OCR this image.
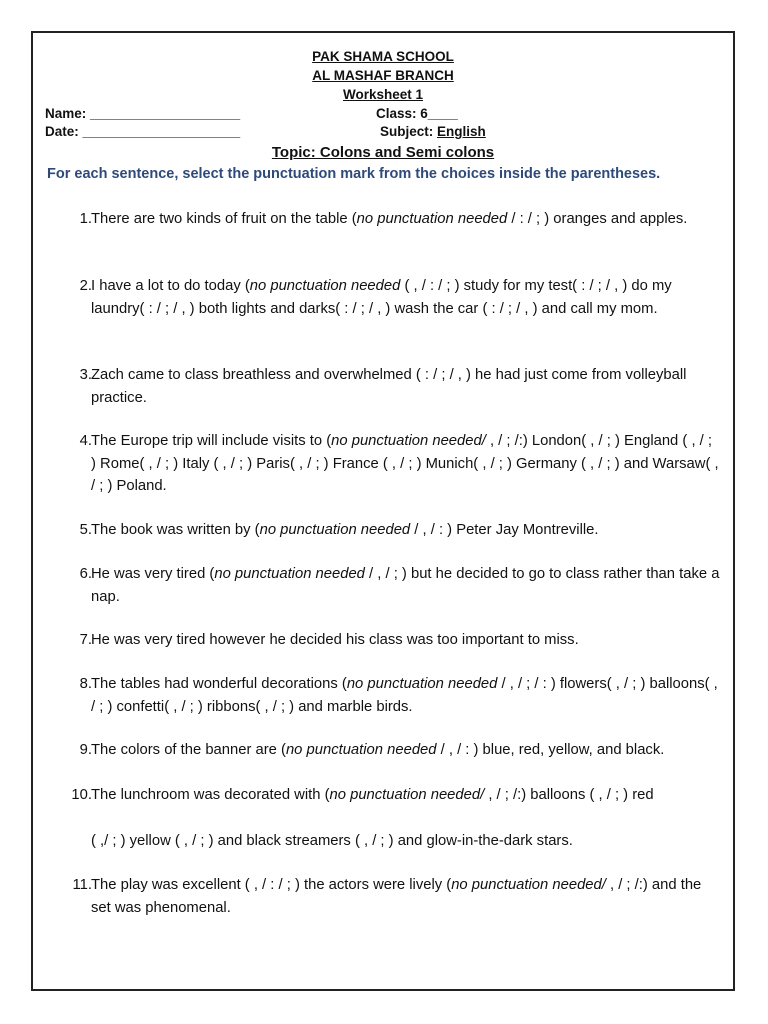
PAK SHAMA SCHOOL
AL MASHAF BRANCH
Worksheet 1
Name: ____________________
Date: _____________________
Class: 6____
Subject: English
Topic: Colons and Semi colons
For each sentence, select the punctuation mark from the choices inside the parentheses.
1. There are two kinds of fruit on the table (no punctuation needed / : / ; ) oranges and apples.
2. I have a lot to do today (no punctuation needed ( , / : / ; ) study for my test( : / ; / , ) do my laundry( : / ; / , ) both lights and darks( : / ; / , ) wash the car ( : / ; / , ) and call my mom.
3. Zach came to class breathless and overwhelmed ( : / ; / , ) he had just come from volleyball practice.
4. The Europe trip will include visits to (no punctuation needed/ , / ; /:) London( , / ; ) England ( , / ; ) Rome( , / ; ) Italy ( , / ; ) Paris( , / ; ) France ( , / ; ) Munich( , / ; ) Germany ( , / ; ) and Warsaw( , / ; ) Poland.
5. The book was written by (no punctuation needed / , / : ) Peter Jay Montreville.
6. He was very tired (no punctuation needed / , / ; ) but he decided to go to class rather than take a nap.
7. He was very tired however he decided his class was too important to miss.
8. The tables had wonderful decorations (no punctuation needed / , / ; / : ) flowers( , / ; ) balloons( , / ; ) confetti( , / ; ) ribbons( , / ; ) and marble birds.
9. The colors of the banner are (no punctuation needed / , / : ) blue, red, yellow, and black.
10. The lunchroom was decorated with (no punctuation needed/ , / ; /:) balloons ( , / ; ) red
( ,/ ; ) yellow ( , / ; ) and black streamers ( , / ; ) and glow-in-the-dark stars.
11. The play was excellent ( , / : / ; ) the actors were lively (no punctuation needed/ , / ; /:) and the set was phenomenal.
